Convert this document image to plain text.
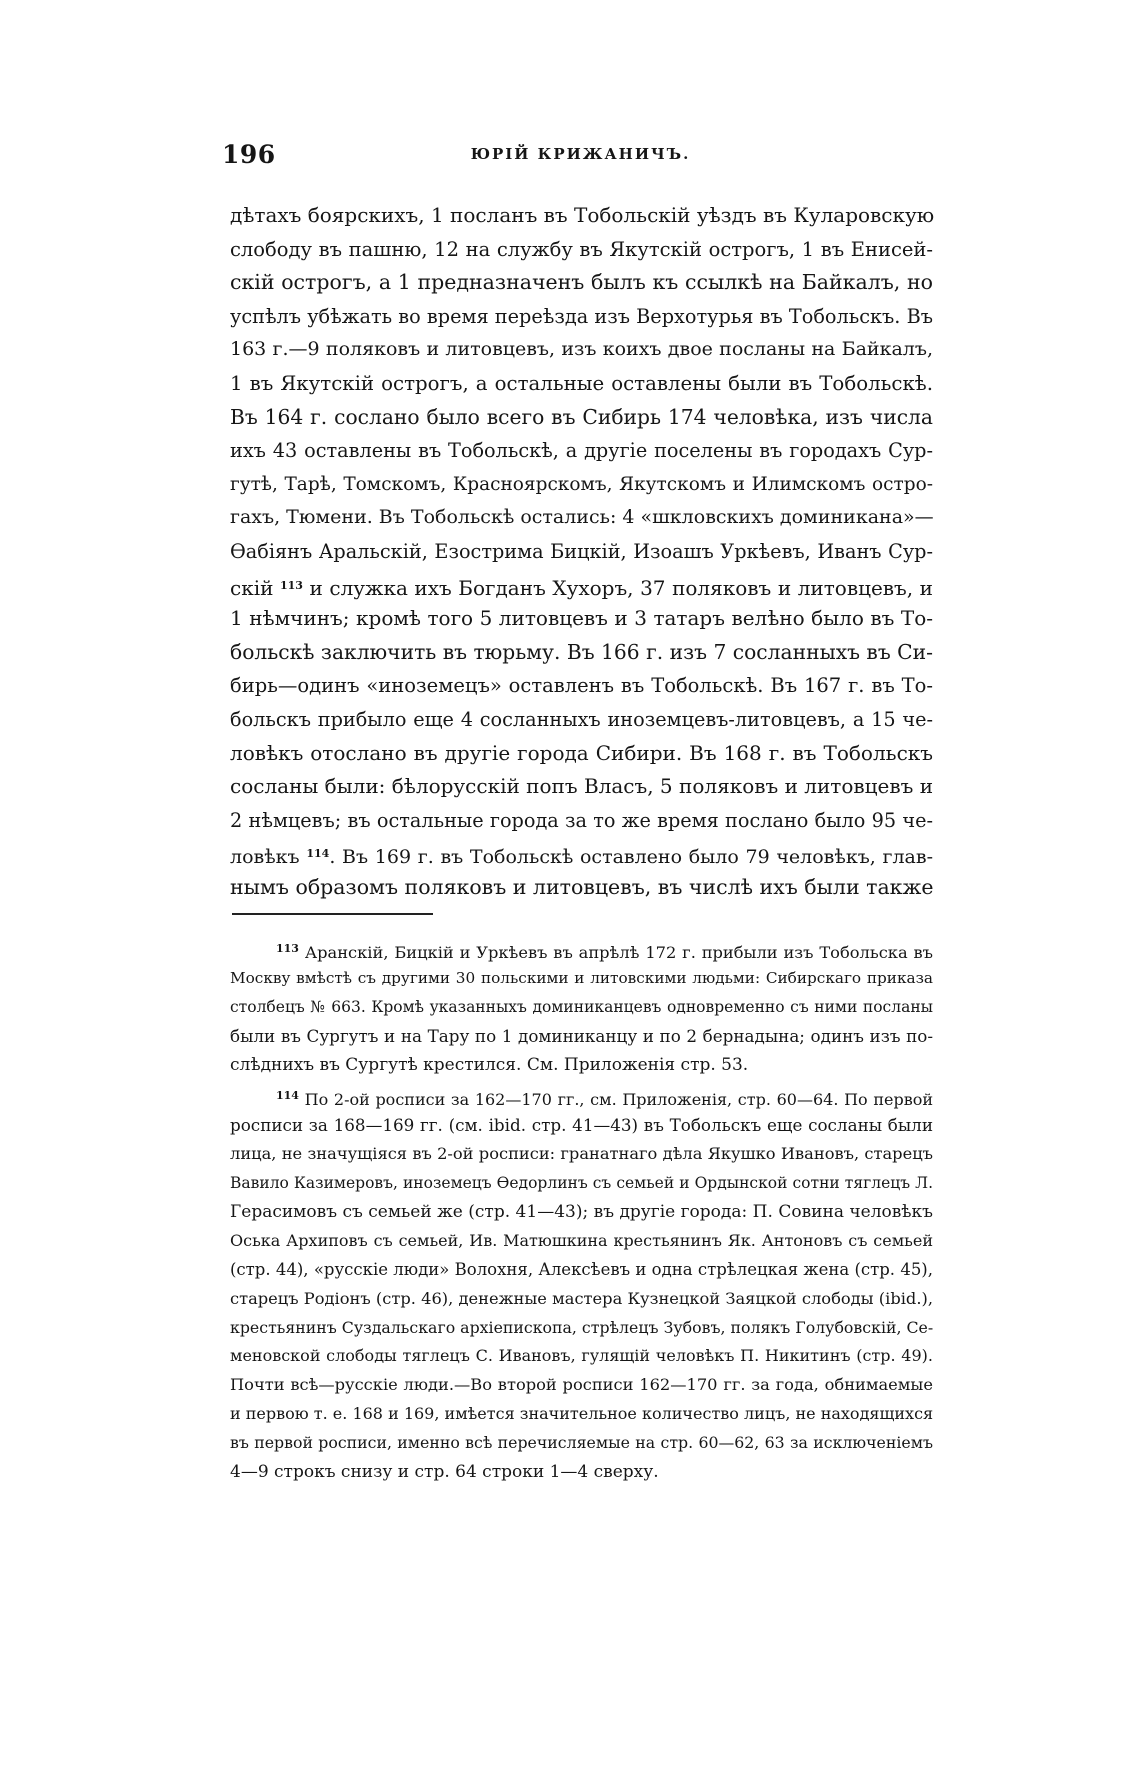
196	ЮРІЙ КРИЖАНИЧЪ.
дѣтахъ боярскихъ, 1 посланъ въ Тобольскій уѣздъ въ Куларовскую
слободу въ пашню, 12 на службу въ Якутскій острогъ, 1 въ Енисей-
скій острогъ, а 1 предназначенъ былъ къ ссылкѣ на Байкалъ, но
успѣлъ убѣжать во время переѣзда изъ Верхотурья въ Тобольскъ. Въ
163 г.—9 поляковъ и литовцевъ, изъ коихъ двое посланы на Байкалъ,
1 въ Якутскій острогъ, а остальные оставлены были въ Тобольскѣ.
Въ 164 г. сослано было всего въ Сибирь 174 человѣка, изъ числа
ихъ 43 оставлены въ Тобольскѣ, а другіе поселены въ городахъ Сур-
гутѣ, Тарѣ, Томскомъ, Красноярскомъ, Якутскомъ и Илимскомъ остро-
гахъ, Тюмени. Въ Тобольскѣ остались: 4 «шкловскихъ доминикана»—
Ѳабіянъ Аральскій, Езострима Бицкій, Изоашъ Уркѣевъ, Иванъ Сур-
скій $^{113}$ и служка ихъ Богданъ Хухоръ, 37 поляковъ и литовцевъ, и
1 нѣмчинъ; кромѣ того 5 литовцевъ и 3 татаръ велѣно было въ То-
больскѣ заключить въ тюрьму. Въ 166 г. изъ 7 сосланныхъ въ Си-
бирь—одинъ «иноземецъ» оставленъ въ Тобольскѣ. Въ 167 г. въ То-
больскъ прибыло еще 4 сосланныхъ иноземцевъ-литовцевъ, а 15 че-
ловѣкъ отослано въ другіе города Сибири. Въ 168 г. въ Тобольскъ
сосланы были: бѣлорусскій попъ Власъ, 5 поляковъ и литовцевъ и
2 нѣмцевъ; въ остальные города за то же время послано было 95 че-
ловѣкъ $^{114}$. Въ 169 г. въ Тобольскѣ оставлено было 79 человѣкъ, глав-
нымъ образомъ поляковъ и литовцевъ, въ числѣ ихъ были также
$^{113}$ Аранскій, Бицкій и Уркѣевъ въ апрѣлѣ 172 г. прибыли изъ Тобольска въ
Москву вмѣстѣ съ другими 30 польскими и литовскими людьми: Сибирскаго приказа
столбецъ № 663. Кромѣ указанныхъ доминиканцевъ одновременно съ ними посланы
были въ Сургутъ и на Тару по 1 доминиканцу и по 2 бернадына; одинъ изъ по-
слѣднихъ въ Сургутѣ крестился. См. Приложенія стр. 53.
$^{114}$ По 2-ой росписи за 162—170 гг., см. Приложенія, стр. 60—64. По первой
росписи за 168—169 гг. (см. ibid. стр. 41—43) въ Тобольскъ еще сосланы были
лица, не значущіяся въ 2-ой росписи: гранатнаго дѣла Якушко Ивановъ, старецъ
Вавило Казимеровъ, иноземецъ Ѳедорлинъ съ семьей и Ордынской сотни тяглецъ Л.
Герасимовъ съ семьей же (стр. 41—43); въ другіе города: П. Совина человѣкъ
Оська Архиповъ съ семьей, Ив. Матюшкина крестьянинъ Як. Антоновъ съ семьей
(стр. 44), «русскіе люди» Волохня, Алексѣевъ и одна стрѣлецкая жена (стр. 45),
старецъ Родіонъ (стр. 46), денежные мастера Кузнецкой Заяцкой слободы (ibid.),
крестьянинъ Суздальскаго архіепископа, стрѣлецъ Зубовъ, полякъ Голубовскій, Се-
меновской слободы тяглецъ С. Ивановъ, гулящій человѣкъ П. Никитинъ (стр. 49).
Почти всѣ—русскіе люди.—Во второй росписи 162—170 гг. за года, обнимаемые
и первою т. е. 168 и 169, имѣется значительное количество лицъ, не находящихся
въ первой росписи, именно всѣ перечисляемые на стр. 60—62, 63 за исключеніемъ
4—9 строкъ снизу и стр. 64 строки 1—4 сверху.
